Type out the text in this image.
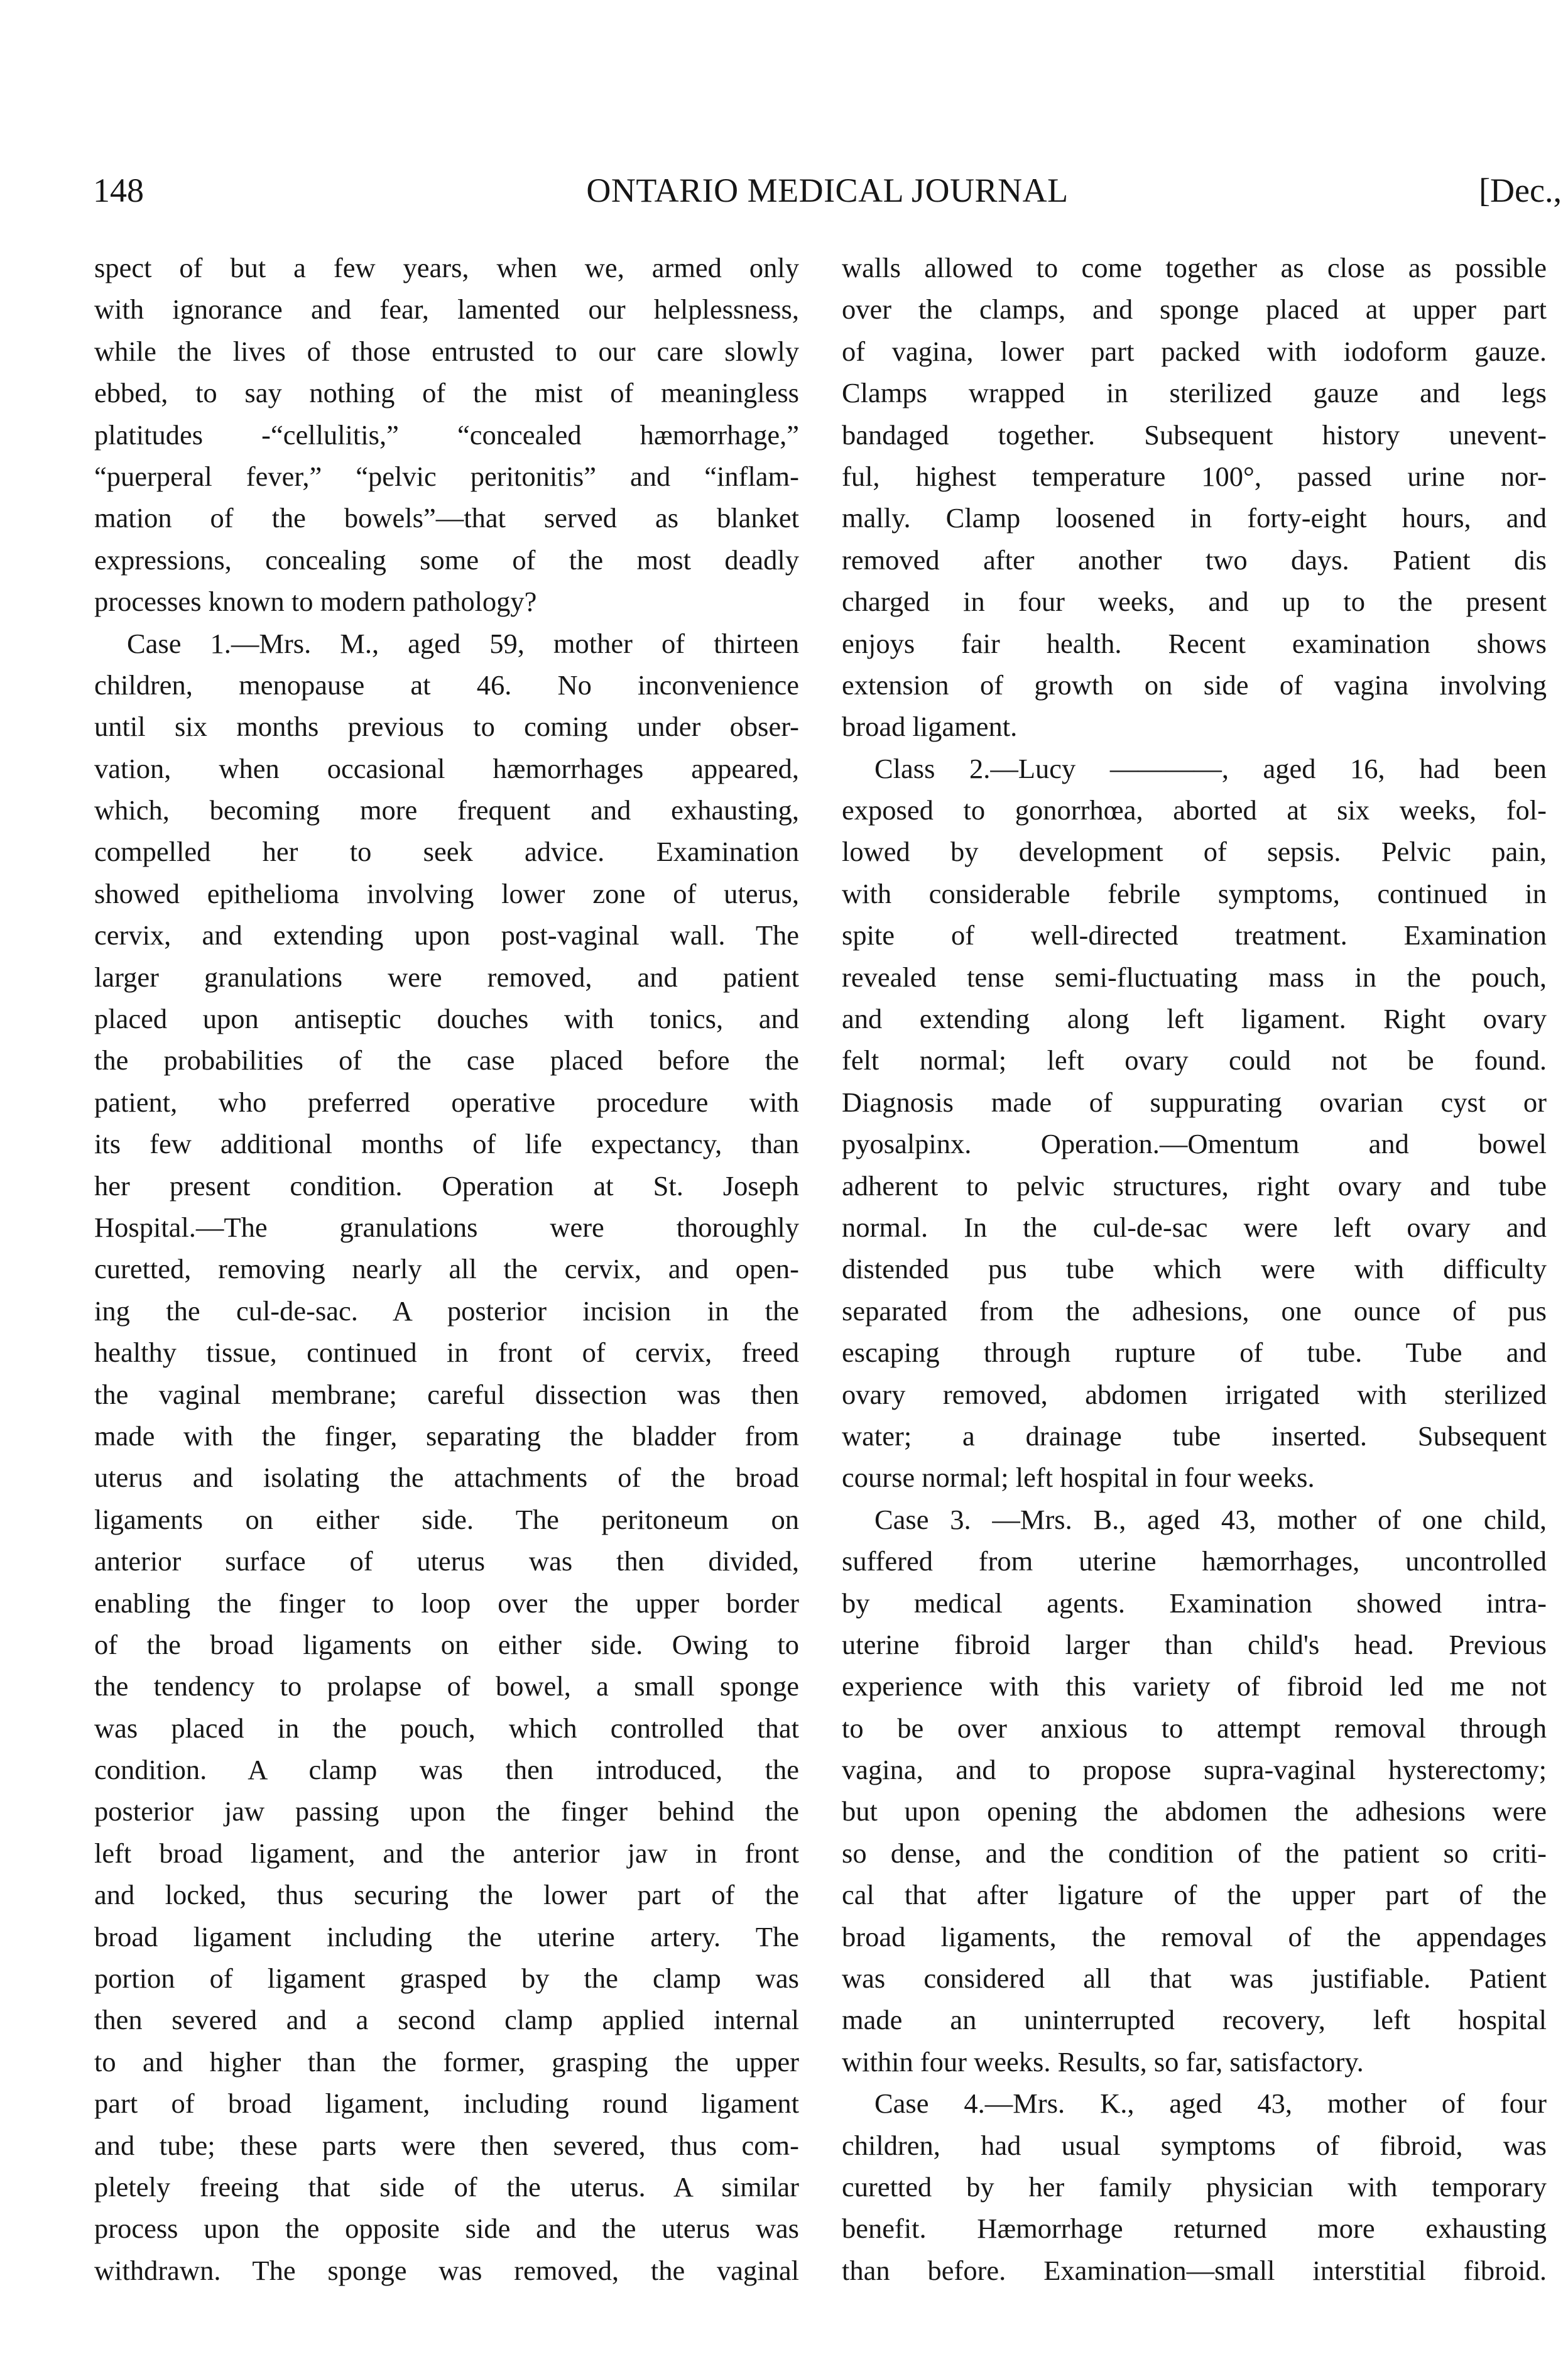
148	ONTARIO MEDICAL JOURNAL	[Dec.,
spect of but a few years, when we, armed only
with ignorance and fear, lamented our helplessness,
while the lives of those entrusted to our care slowly
ebbed, to say nothing of the mist of meaningless
platitudes -“cellulitis,” “concealed hæmorrhage,”
“puerperal fever,” “pelvic peritonitis” and “inflam-
mation of the bowels”—that served as blanket
expressions, concealing some of the most deadly
processes known to modern pathology?
Case 1.—Mrs. M., aged 59, mother of thirteen
children, menopause at 46. No inconvenience
until six months previous to coming under obser-
vation, when occasional hæmorrhages appeared,
which, becoming more frequent and exhausting,
compelled her to seek advice. Examination
showed epithelioma involving lower zone of uterus,
cervix, and extending upon post-vaginal wall. The
larger granulations were removed, and patient
placed upon antiseptic douches with tonics, and
the probabilities of the case placed before the
patient, who preferred operative procedure with
its few additional months of life expectancy, than
her present condition. Operation at St. Joseph
Hospital.—The granulations were thoroughly
curetted, removing nearly all the cervix, and open-
ing the cul-de-sac. A posterior incision in the
healthy tissue, continued in front of cervix, freed
the vaginal membrane; careful dissection was then
made with the finger, separating the bladder from
uterus and isolating the attachments of the broad
ligaments on either side. The peritoneum on
anterior surface of uterus was then divided,
enabling the finger to loop over the upper border
of the broad ligaments on either side. Owing to
the tendency to prolapse of bowel, a small sponge
was placed in the pouch, which controlled that
condition. A clamp was then introduced, the
posterior jaw passing upon the finger behind the
left broad ligament, and the anterior jaw in front
and locked, thus securing the lower part of the
broad ligament including the uterine artery. The
portion of ligament grasped by the clamp was
then severed and a second clamp applied internal
to and higher than the former, grasping the upper
part of broad ligament, including round ligament
and tube; these parts were then severed, thus com-
pletely freeing that side of the uterus. A similar
process upon the opposite side and the uterus was
withdrawn. The sponge was removed, the vaginal
walls allowed to come together as close as possible
over the clamps, and sponge placed at upper part
of vagina, lower part packed with iodoform gauze.
Clamps wrapped in sterilized gauze and legs
bandaged together. Subsequent history unevent-
ful, highest temperature 100°, passed urine nor-
mally. Clamp loosened in forty-eight hours, and
removed after another two days. Patient dis
charged in four weeks, and up to the present
enjoys fair health. Recent examination shows
extension of growth on side of vagina involving
broad ligament.
Class 2.—Lucy ————, aged 16, had been
exposed to gonorrhœa, aborted at six weeks, fol-
lowed by development of sepsis. Pelvic pain,
with considerable febrile symptoms, continued in
spite of well-directed treatment. Examination
revealed tense semi-fluctuating mass in the pouch,
and extending along left ligament. Right ovary
felt normal; left ovary could not be found.
Diagnosis made of suppurating ovarian cyst or
pyosalpinx. Operation.—Omentum and bowel
adherent to pelvic structures, right ovary and tube
normal. In the cul-de-sac were left ovary and
distended pus tube which were with difficulty
separated from the adhesions, one ounce of pus
escaping through rupture of tube. Tube and
ovary removed, abdomen irrigated with sterilized
water; a drainage tube inserted. Subsequent
course normal; left hospital in four weeks.
Case 3. —Mrs. B., aged 43, mother of one child,
suffered from uterine hæmorrhages, uncontrolled
by medical agents. Examination showed intra-
uterine fibroid larger than child's head. Previous
experience with this variety of fibroid led me not
to be over anxious to attempt removal through
vagina, and to propose supra-vaginal hysterectomy;
but upon opening the abdomen the adhesions were
so dense, and the condition of the patient so criti-
cal that after ligature of the upper part of the
broad ligaments, the removal of the appendages
was considered all that was justifiable. Patient
made an uninterrupted recovery, left hospital
within four weeks. Results, so far, satisfactory.
Case 4.—Mrs. K., aged 43, mother of four
children, had usual symptoms of fibroid, was
curetted by her family physician with temporary
benefit. Hæmorrhage returned more exhausting
than before. Examination—small interstitial fibroid.
